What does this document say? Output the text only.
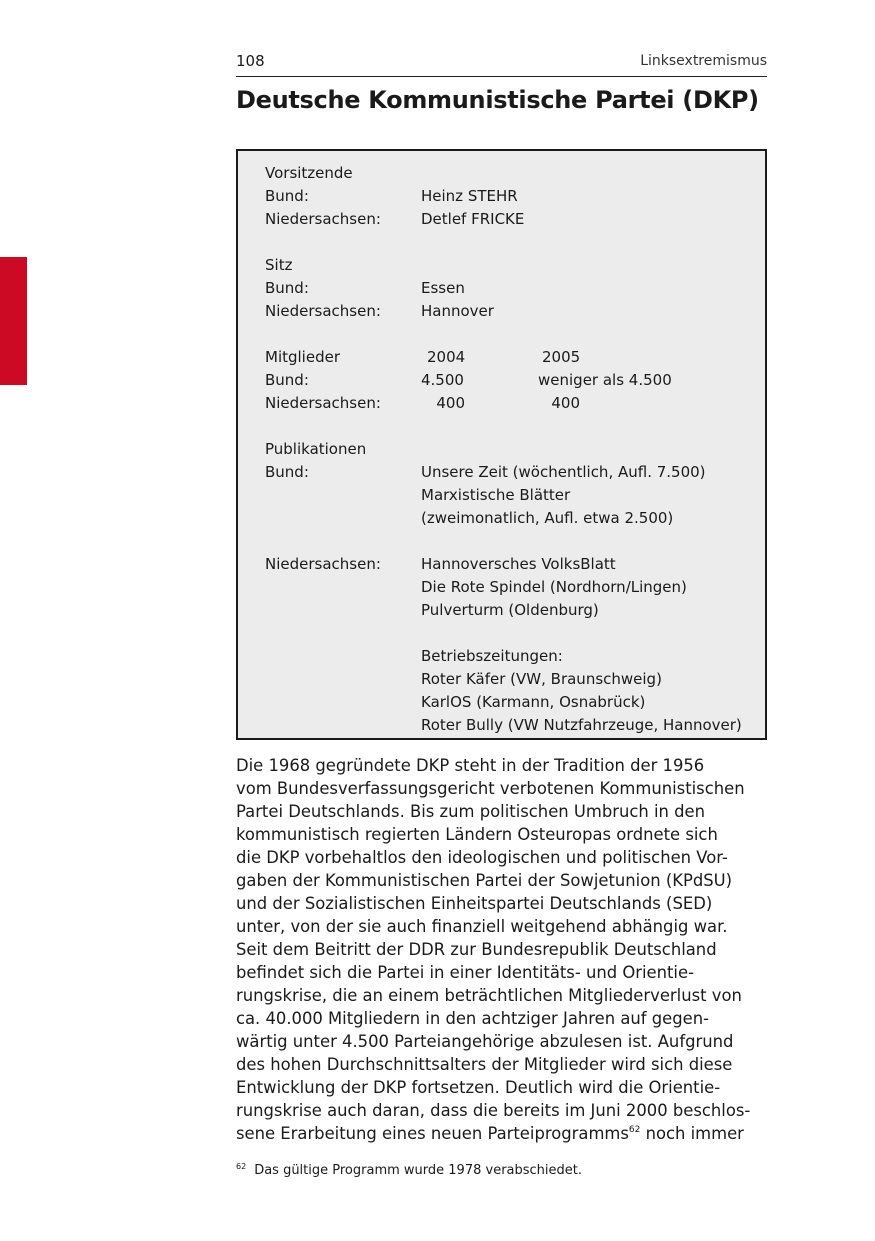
108	Linksextremismus
Deutsche Kommunistische Partei (DKP)
Vorsitzende
Bund:	Heinz STEHR
Niedersachsen:	Detlef FRICKE
Sitz
Bund:	Essen
Niedersachsen:	Hannover
Mitglieder	2004	2005
Bund:	4.500	weniger als 4.500
Niedersachsen:	400	400
Publikationen
Bund:	Unsere Zeit (wöchentlich, Aufl. 7.500)
Marxistische Blätter
(zweimonatlich, Aufl. etwa 2.500)
Niedersachsen:	Hannoversches VolksBlatt
Die Rote Spindel (Nordhorn/Lingen)
Pulverturm (Oldenburg)
Betriebszeitungen:
Roter Käfer (VW, Braunschweig)
KarlOS (Karmann, Osnabrück)
Roter Bully (VW Nutzfahrzeuge, Hannover)

Die 1968 gegründete DKP steht in der Tradition der 1956
vom Bundesverfassungsgericht verbotenen Kommunistischen
Partei Deutschlands. Bis zum politischen Umbruch in den
kommunistisch regierten Ländern Osteuropas ordnete sich
die DKP vorbehaltlos den ideologischen und politischen Vor-
gaben der Kommunistischen Partei der Sowjetunion (KPdSU)
und der Sozialistischen Einheitspartei Deutschlands (SED)
unter, von der sie auch finanziell weitgehend abhängig war.
Seit dem Beitritt der DDR zur Bundesrepublik Deutschland
befindet sich die Partei in einer Identitäts- und Orientie-
rungskrise, die an einem beträchtlichen Mitgliederverlust von
ca. 40.000 Mitgliedern in den achtziger Jahren auf gegen-
wärtig unter 4.500 Parteiangehörige abzulesen ist. Aufgrund
des hohen Durchschnittsalters der Mitglieder wird sich diese
Entwicklung der DKP fortsetzen. Deutlich wird die Orientie-
rungskrise auch daran, dass die bereits im Juni 2000 beschlos-
sene Erarbeitung eines neuen Parteiprogramms$^{62}$ noch immer

$^{62}$ Das gültige Programm wurde 1978 verabschiedet.
